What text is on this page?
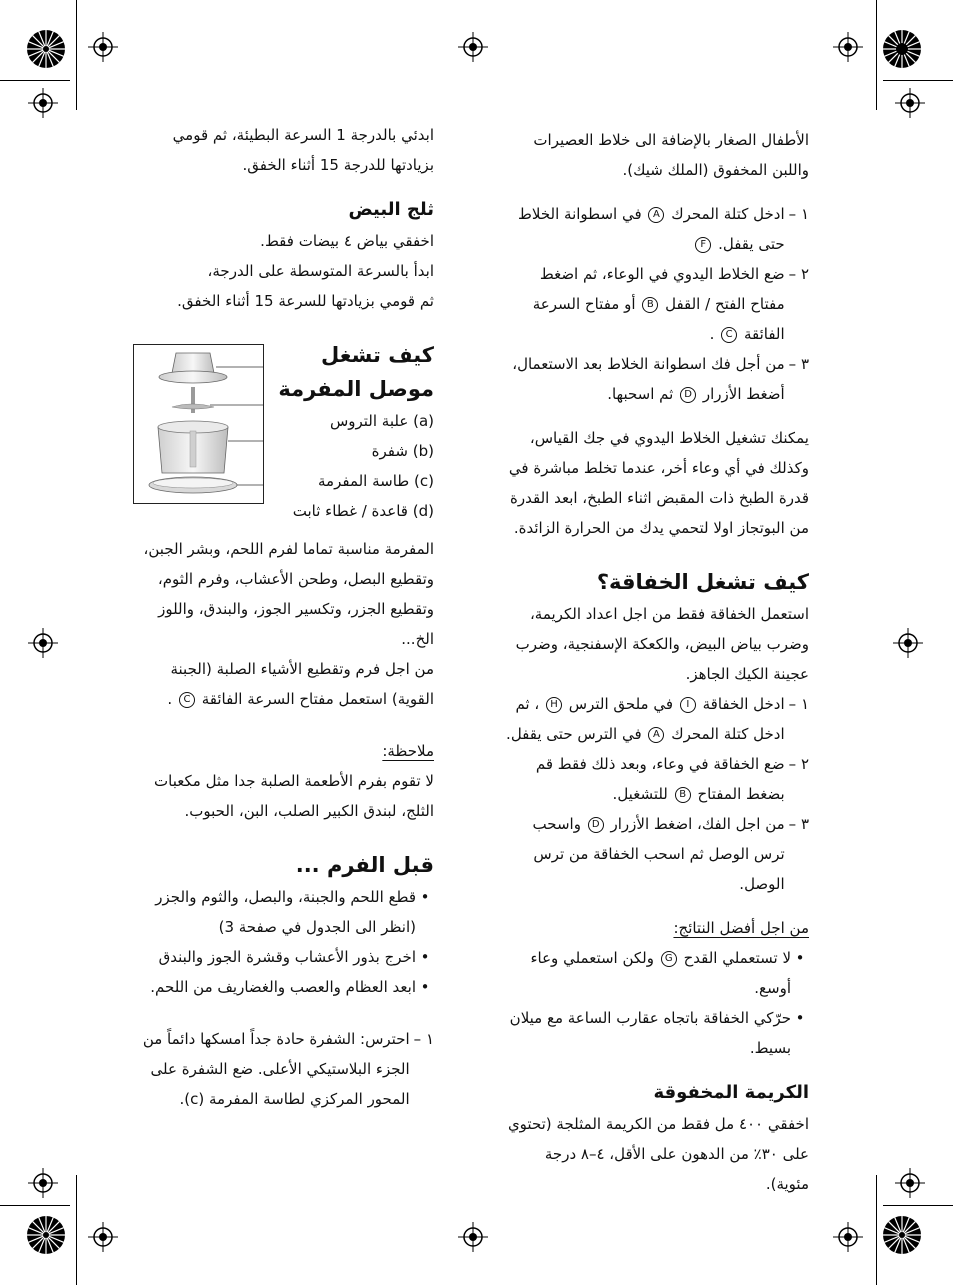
الأطفال الصغار بالإضافة الى خلاط العصيرات

واللبن المخفوق (الملك شيك).

١ –
ادخل كتلة المحرك A في اسطوانة الخلاط حتى يقفل. F
٢ –
ضع الخلاط اليدوي في الوعاء، ثم اضغط مفتاح الفتح / القفل B أو مفتاح السرعة الفائقة C .
٣ –
من أجل فك اسطوانة الخلاط بعد الاستعمال، أضغط الأزرار D ثم اسحبها.

يمكنك تشغيل الخلاط اليدوي في جك القياس، وكذلك في أي وعاء أخر، عندما تخلط مباشرة في قدرة الطبخ ذات المقبض اثناء الطبخ، ابعد القدرة من البوتجاز اولا لتحمي يدك من الحرارة الزائدة.

كيف تشغل الخفاقة؟

استعمل الخفاقة فقط من اجل اعداد الكريمة، وضرب بياض البيض، والكعكة الإسفنجية، وضرب عجينة الكيك الجاهز.

١ –
ادخل الخفاقة I في ملحق الترس H ، ثم ادخل كتلة المحرك A في الترس حتى يقفل.
٢ –
ضع الخفاقة في وعاء، وبعد ذلك فقط قم بضغط المفتاح B للتشغيل.
٣ –
من اجل الفك، اضغط الأزرار D واسحب ترس الوصل ثم اسحب الخفاقة من ترس الوصل.

من اجل أفضل النتائج:

•
لا تستعملي القدح G ولكن استعملي وعاء أوسع.
•
حرّكي الخفاقة باتجاه عقارب الساعة مع ميلان بسيط.

الكريمة المخفوقة

اخفقي ٤٠٠ مل فقط من الكريمة المثلجة (تحتوي على ٣٠٪ من الدهون على الأقل، ٤–٨ درجة مئوية).

ابدئي بالدرجة 1 السرعة البطيئة، ثم قومي بزيادتها للدرجة 15 أثناء الخفق.

ثلج البيض

اخفقي بياض ٤ بيضات فقط.

ابدأ بالسرعة المتوسطة على الدرجة،

ثم قومي بزيادتها للسرعة 15 أثناء الخفق.

كيف تشغل

موصل المفرمة

(a) علبة التروس

(b) شفرة

(c) طاسة المفرمة

(d) قاعدة / غطاء ثابت

المفرمة مناسبة تماما لفرم اللحم، وبشر الجبن، وتقطيع البصل، وطحن الأعشاب، وفرم الثوم، وتقطيع الجزر، وتكسير الجوز، والبندق، واللوز الخ...

من اجل فرم وتقطيع الأشياء الصلبة (الجبنة القوية) استعمل مفتاح السرعة الفائقة C .

ملاحظة:

لا تقوم بفرم الأطعمة الصلبة جدا مثل مكعبات الثلج، لبندق الكبير الصلب، البن، الحبوب.

قبل الفرم ...

•
قطع اللحم والجبنة، والبصل، والثوم والجزر (انظر الى الجدول في صفحة 3)
•
اخرج بذور الأعشاب وقشرة الجوز والبندق
•
ابعد العظام والعصب والغضاريف من اللحم.
١ –
احترس: الشفرة حادة جداً امسكها دائماً من الجزء البلاستيكي الأعلى. ضع الشفرة على المحور المركزي لطاسة المفرمة (c).
